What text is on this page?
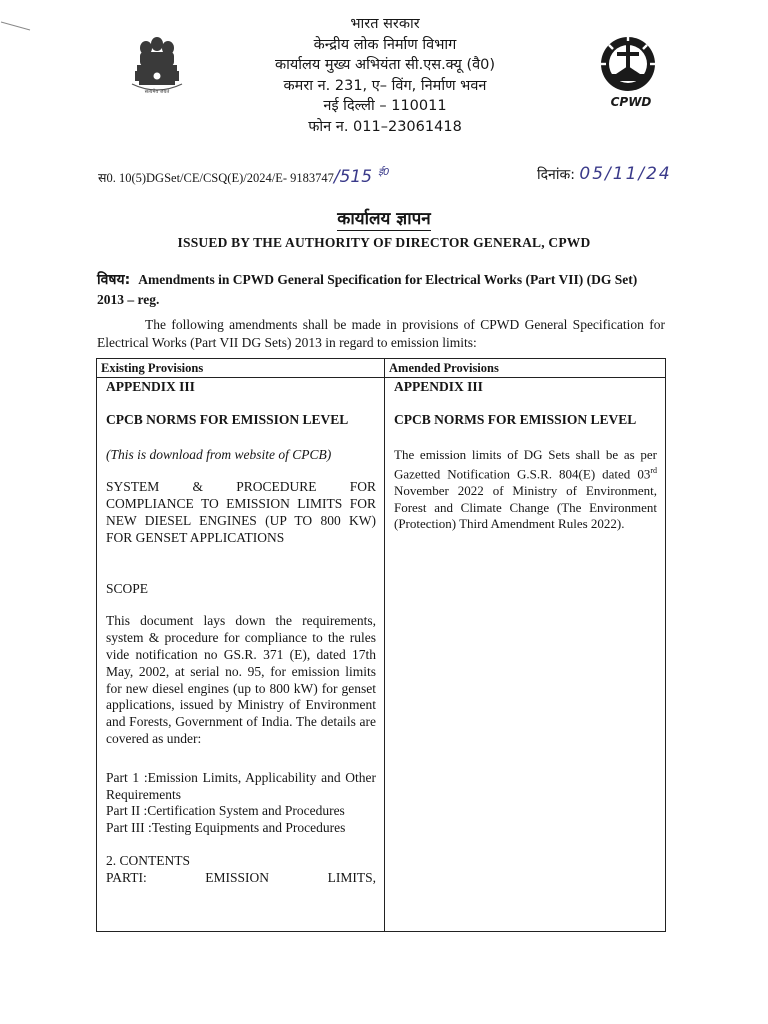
सत्यमेव जयते
CPWD
भारत सरकार
केन्द्रीय लोक निर्माण विभाग
कार्यालय मुख्य अभियंता सी.एस.क्यू (वै0)
कमरा न. 231, ए– विंग, निर्माण भवन
नई दिल्ली – 110011
फोन न. 011–23061418
स0. 10(5)DGSet/CE/CSQ(E)/2024/E- 9183747/515 $^{ई0}$	दिनांक: 05/11/24
कार्यालय ज्ञापन
ISSUED BY THE AUTHORITY OF DIRECTOR GENERAL, CPWD
विषय: Amendments in CPWD General Specification for Electrical Works (Part VII) (DG Set) 2013 – reg.
The following amendments shall be made in provisions of CPWD General Specification for Electrical Works (Part VII DG Sets) 2013 in regard to emission limits:
Existing Provisions
APPENDIX III
CPCB NORMS FOR EMISSION LEVEL
(This is download from website of CPCB)
SYSTEM & PROCEDURE FOR COMPLIANCE TO EMISSION LIMITS FOR NEW DIESEL ENGINES (UP TO 800 KW) FOR GENSET APPLICATIONS
SCOPE
This document lays down the requirements, system & procedure for compliance to the rules vide notification no GS.R. 371 (E), dated 17th May, 2002, at serial no. 95, for emission limits for new diesel engines (up to 800 kW) for genset applications, issued by Ministry of Environment and Forests, Government of India. The details are covered as under:
Part 1 :Emission Limits, Applicability and Other Requirements
Part II :Certification System and Procedures
Part III :Testing Equipments and Procedures
2. CONTENTS
PARTI: EMISSION LIMITS,
Amended Provisions
APPENDIX III
CPCB NORMS FOR EMISSION LEVEL
The emission limits of DG Sets shall be as per Gazetted Notification G.S.R. 804(E) dated 03rd November 2022 of Ministry of Environment, Forest and Climate Change (The Environment (Protection) Third Amendment Rules 2022).
